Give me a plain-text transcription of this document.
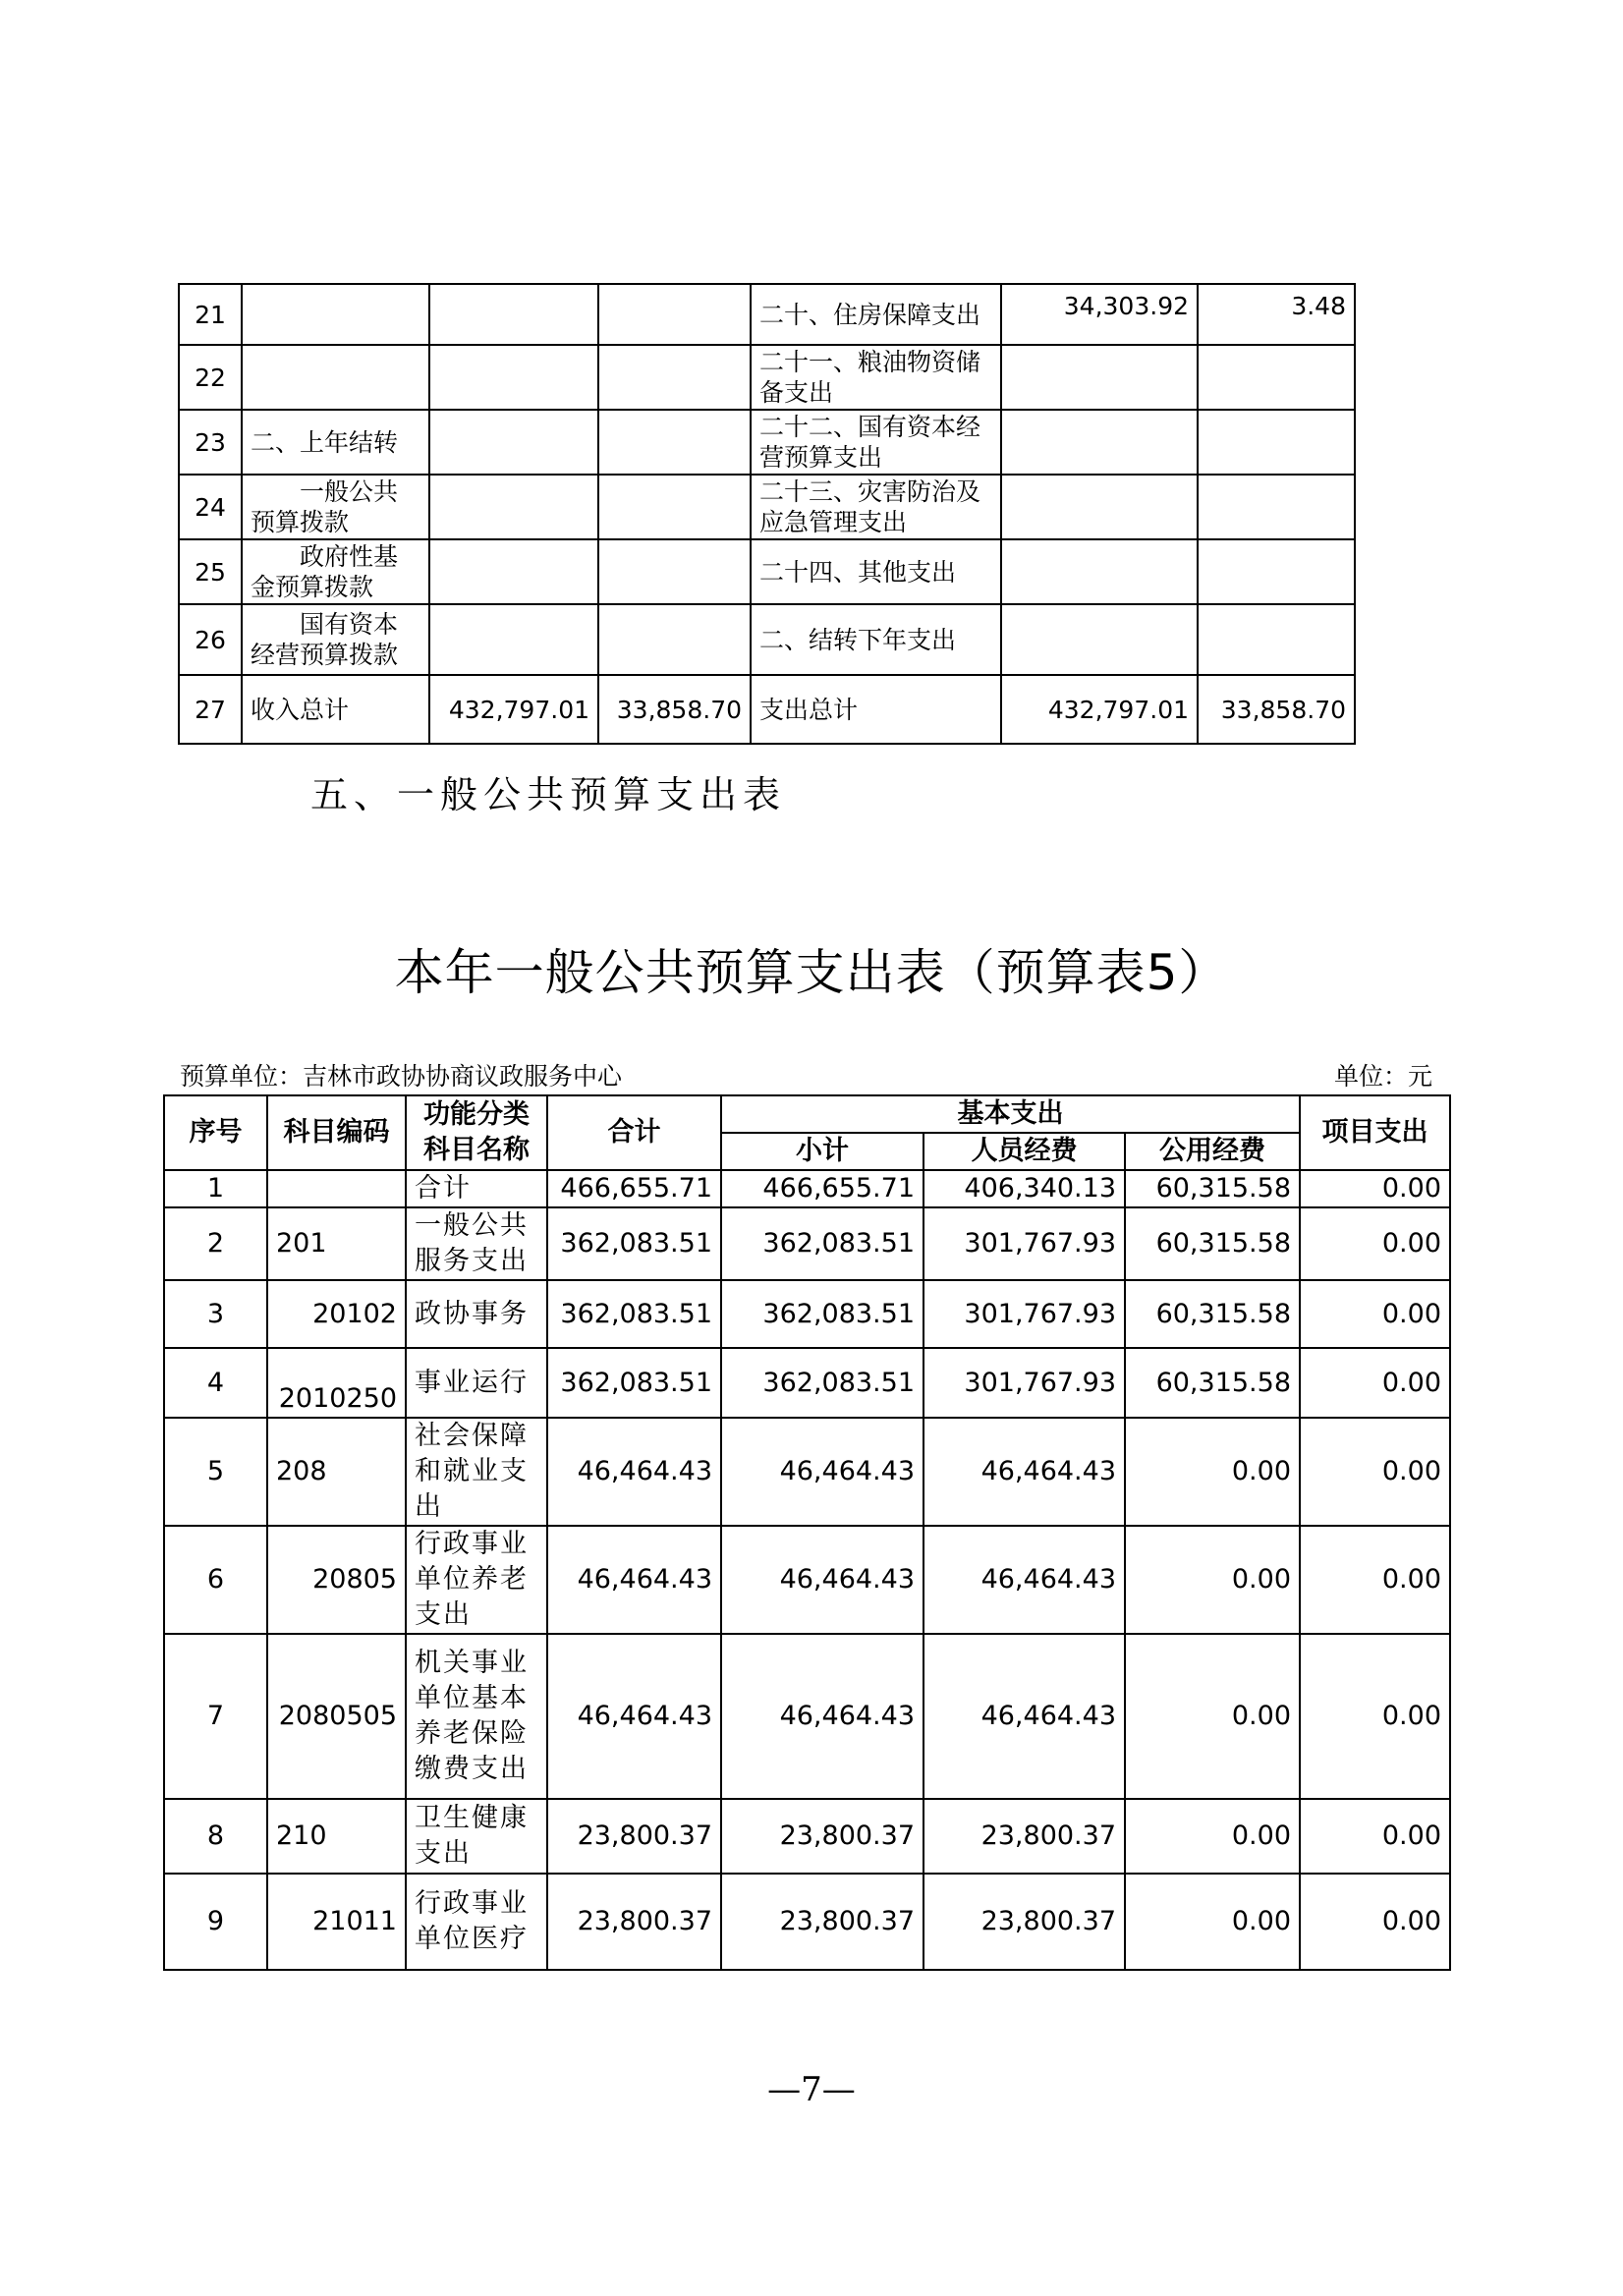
21				二十、住房保障支出	34,303.92	3.48
22				二十一、粮油物资储备支出		
23	二、上年结转			二十二、国有资本经营预算支出		
24	　　一般公共预算拨款			二十三、灾害防治及应急管理支出		
25	　　政府性基金预算拨款			二十四、其他支出		
26	　　国有资本经营预算拨款			二、结转下年支出		
27	收入总计	432,797.01	33,858.70	支出总计	432,797.01	33,858.70
五、一般公共预算支出表
本年一般公共预算支出表（预算表5）
预算单位：吉林市政协协商议政服务中心	单位：元
序号	科目编码	功能分类科目名称	合计	基本支出			项目支出
				小计	人员经费	公用经费	
1		合计	466,655.71	466,655.71	406,340.13	60,315.58	0.00
2	201	一般公共服务支出	362,083.51	362,083.51	301,767.93	60,315.58	0.00
3	20102	政协事务	362,083.51	362,083.51	301,767.93	60,315.58	0.00
4	2010250	事业运行	362,083.51	362,083.51	301,767.93	60,315.58	0.00
5	208	社会保障和就业支出	46,464.43	46,464.43	46,464.43	0.00	0.00
6	20805	行政事业单位养老支出	46,464.43	46,464.43	46,464.43	0.00	0.00
7	2080505	机关事业单位基本养老保险缴费支出	46,464.43	46,464.43	46,464.43	0.00	0.00
8	210	卫生健康支出	23,800.37	23,800.37	23,800.37	0.00	0.00
9	21011	行政事业单位医疗	23,800.37	23,800.37	23,800.37	0.00	0.00
—7—
